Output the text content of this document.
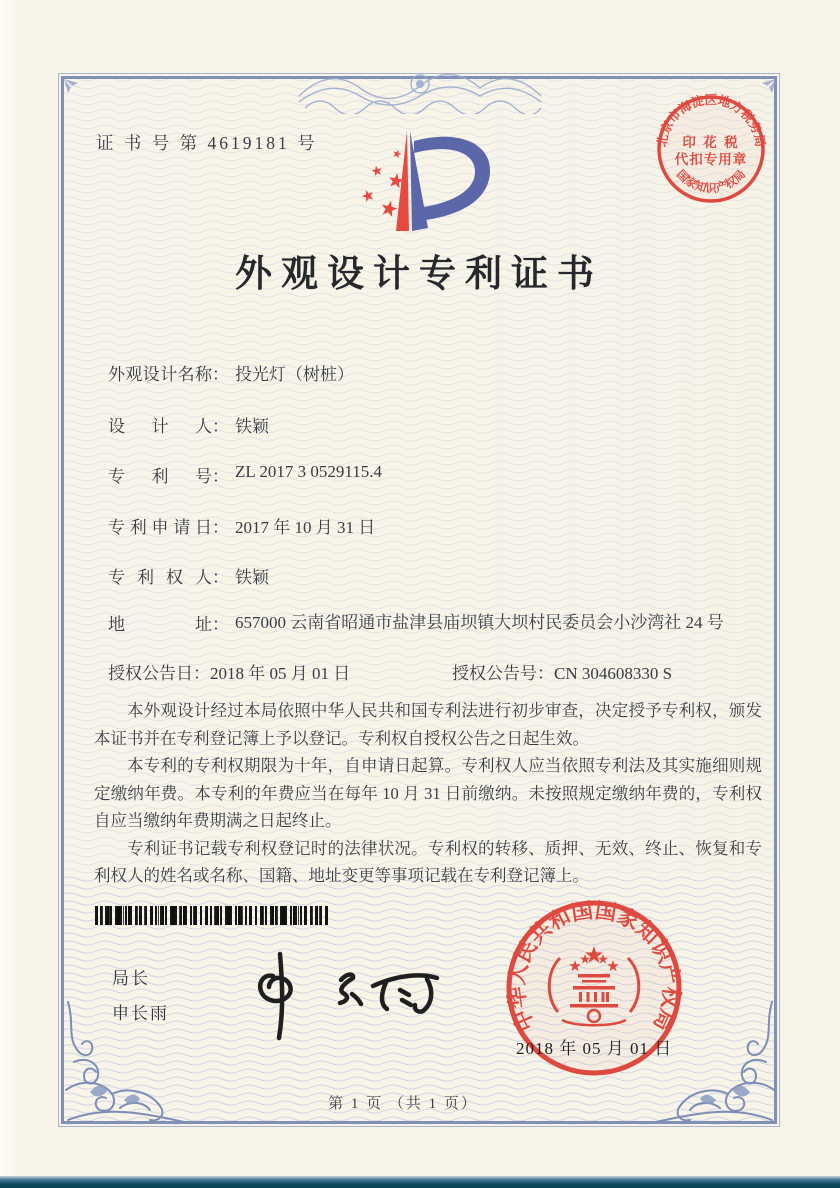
证 书 号 第 4619181 号
外观设计专利证书
外观设计名称： 投光灯（树桩）
设计人： 铁颖
专利号： ZL 2017 3 0529115.4
专利申请日： 2017 年 10 月 31 日
专利权人： 铁颖
地址： 657000 云南省昭通市盐津县庙坝镇大坝村民委员会小沙湾社 24 号
授权公告日：2018 年 05 月 01 日	授权公告号：CN 304608330 S

本外观设计经过本局依照中华人民共和国专利法进行初步审查，决定授予专利权，颁发本证书并在专利登记簿上予以登记。专利权自授权公告之日起生效。

本专利的专利权期限为十年，自申请日起算。专利权人应当依照专利法及其实施细则规定缴纳年费。本专利的年费应当在每年 10 月 31 日前缴纳。未按照规定缴纳年费的，专利权自应当缴纳年费期满之日起终止。

专利证书记载专利权登记时的法律状况。专利权的转移、质押、无效、终止、恢复和专利权人的姓名或名称、国籍、地址变更等事项记载在专利登记簿上。

局长
申长雨	中华人民共和国国家知识产权局
2018 年 05 月 01 日
北京市海淀区地方税务局
国家知识产权局
印 花 税
代扣专用章
第 1 页 （共 1 页）
